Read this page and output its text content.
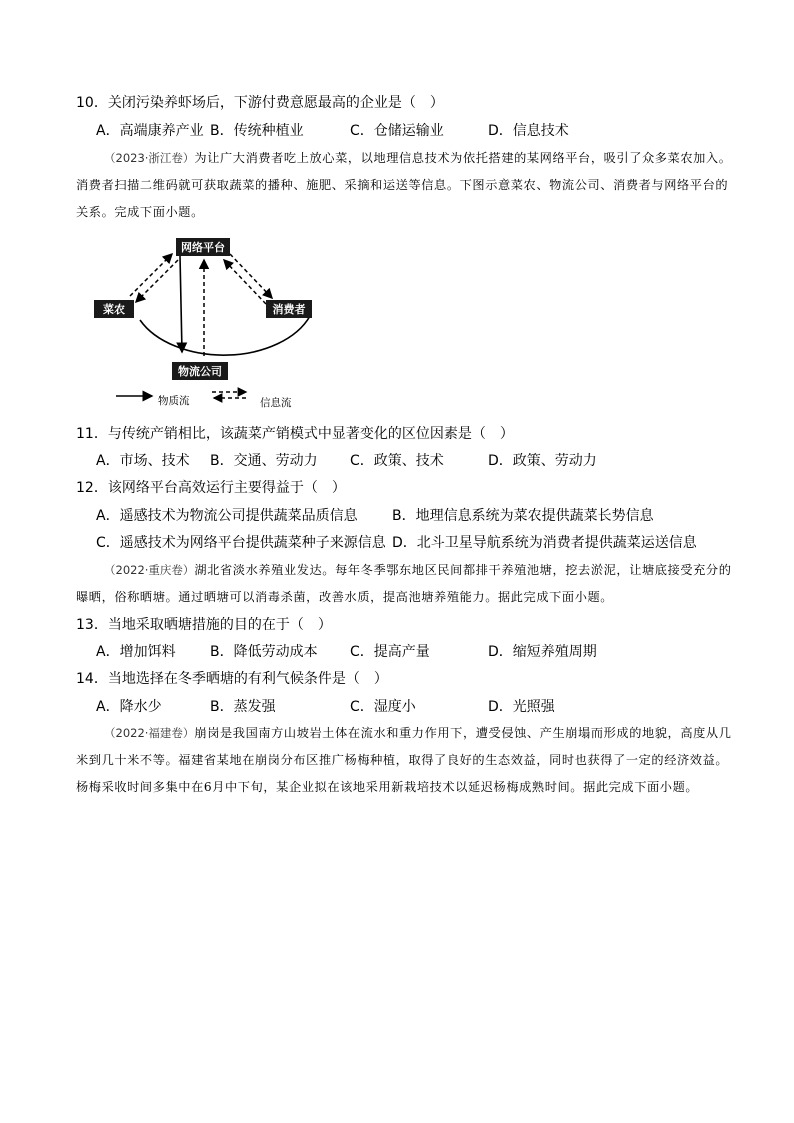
10．关闭污染养虾场后，下游付费意愿最高的企业是（　）
A．高端康养产业 B．传统种植业	C．仓储运输业	D．信息技术
（2023·浙江卷）为让广大消费者吃上放心菜，以地理信息技术为依托搭建的某网络平台，吸引了众多菜农加入。消费者扫描二维码就可获取蔬菜的播种、施肥、采摘和运送等信息。下图示意菜农、物流公司、消费者与网络平台的关系。完成下面小题。
网络平台
菜农	消费者
物流公司
物质流	信息流
11．与传统产销相比，该蔬菜产销模式中显著变化的区位因素是（　）
A．市场、技术 B．交通、劳动力 C．政策、技术	D．政策、劳动力
12．该网络平台高效运行主要得益于（　）
A．遥感技术为物流公司提供蔬菜品质信息 B．地理信息系统为菜农提供蔬菜长势信息
C．遥感技术为网络平台提供蔬菜种子来源信息 D．北斗卫星导航系统为消费者提供蔬菜运送信息
（2022·重庆卷）湖北省淡水养殖业发达。每年冬季鄂东地区民间都排干养殖池塘，挖去淤泥，让塘底接受充分的曝晒，俗称晒塘。通过晒塘可以消毒杀菌，改善水质，提高池塘养殖能力。据此完成下面小题。
13．当地采取晒塘措施的目的在于（　）
A．增加饵料 B．降低劳动成本 C．提高产量	D．缩短养殖周期
14．当地选择在冬季晒塘的有利气候条件是（　）
A．降水少	B．蒸发强	C．湿度小	D．光照强
（2022·福建卷）崩岗是我国南方山坡岩土体在流水和重力作用下，遭受侵蚀、产生崩塌而形成的地貌，高度从几米到几十米不等。福建省某地在崩岗分布区推广杨梅种植，取得了良好的生态效益，同时也获得了一定的经济效益。杨梅采收时间多集中在6月中下旬，某企业拟在该地采用新栽培技术以延迟杨梅成熟时间。据此完成下面小题。
